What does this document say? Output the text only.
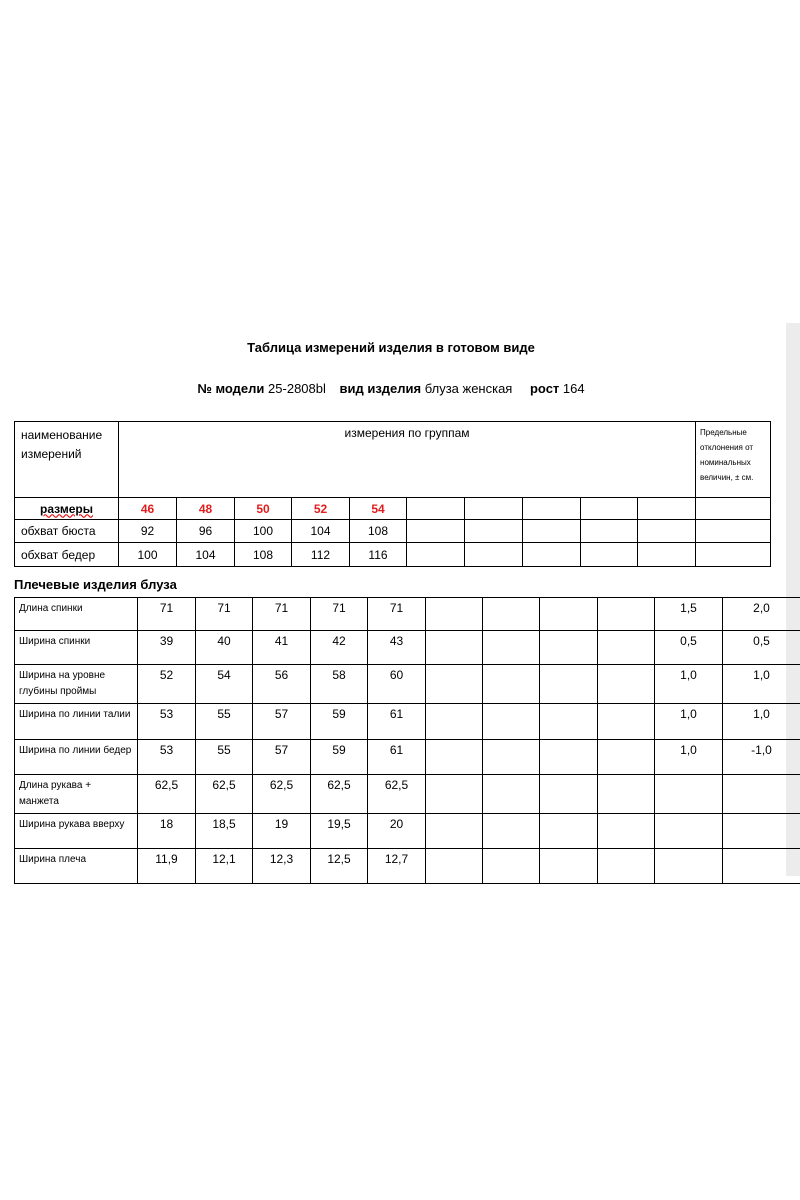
Таблица измерений изделия в готовом виде
№ модели 25-2808bl вид изделия блуза женская рост 164
наименование измерений	измерения по группам										Предельные отклонения от номинальных величин, ± см.
размеры	46	48	50	52	54						
обхват бюста	92	96	100	104	108						
обхват бедер	100	104	108	112	116						
Плечевые изделия блуза
Длина спинки	71	71	71	71	71					1,5	2,0
Ширина спинки	39	40	41	42	43					0,5	0,5
Ширина на уровне глубины проймы	52	54	56	58	60					1,0	1,0
Ширина по линии талии	53	55	57	59	61					1,0	1,0
Ширина по линии бедер	53	55	57	59	61					1,0	-1,0
Длина рукава + манжета	62,5	62,5	62,5	62,5	62,5						
Ширина рукава вверху	18	18,5	19	19,5	20						
Ширина плеча	11,9	12,1	12,3	12,5	12,7						
